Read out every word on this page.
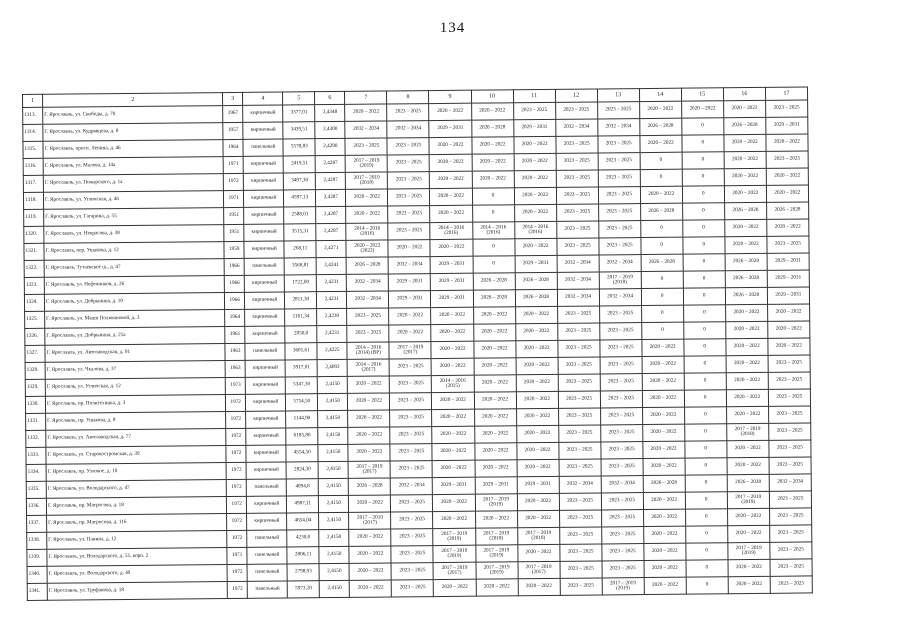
134
1	2	3	4	5	6	7	8	9	10	11	12	13	14	15	16	17
1313.	Г. Ярославль, ул. Свободы, д. 70	1967	кирпичный	3377,01	2,4348	2020 – 2022	2023 – 2025	2020 – 2022	2020 – 2022	2023 – 2025	2023 – 2025	2023 – 2025	2020 – 2022	2020 – 2022	2020 – 2022	2023 – 2025
1314.	Г. Ярославль, ул. Кудрявцева, д. 8	1957	кирпичный	3439,51	2,4300	2032 – 2034	2032 – 2034	2029 – 2031	2026 – 2028	2029 – 2031	2032 – 2034	2032 – 2034	2026 – 2028	0	2026 – 2028	2029 – 2031
1315.	Г. Ярославль, просп. Ленина, д. 46	1964	панельный	5578,83	2,4290	2023 – 2025	2023 – 2025	2020 – 2022	2020 – 2022	2020 – 2022	2023 – 2025	2023 – 2025	2020 – 2022	0	2020 – 2022	2020 – 2022
1316.	Г. Ярославль, ул. Малова, д. 14а	1971	кирпичный	2419,51	2,4287	2017 – 2019 (2019)	2023 – 2025	2020 – 2022	2020 – 2022	2020 – 2022	2023 – 2025	2023 – 2025	0	0	2020 – 2022	2023 – 2025
1317.	Г. Ярославль, ул. Пожарского, д. 1а	1972	кирпичный	3497,30	2,4287	2017 – 2019 (2018)	2023 – 2025	2020 – 2022	2020 – 2022	2020 – 2022	2023 – 2025	2023 – 2025	0	0	2020 – 2022	2020 – 2022
1318.	Г. Ярославль, ул. Угличская, д. 46	1971	кирпичный	4597,13	2,4287	2020 – 2022	2023 – 2025	2020 – 2022	0	2020 – 2022	2023 – 2025	2023 – 2025	2020 – 2022	0	2020 – 2022	2020 – 2022
1319.	Г. Ярославль, ул. Гагарина, д. 55	1951	кирпичный	2588,01	2,4287	2020 – 2022	2023 – 2025	2020 – 2022	0	2020 – 2022	2023 – 2025	2023 – 2025	2026 – 2028	0	2026 – 2028	2026 – 2028
1320.	Г. Ярославль, ул. Некрасова, д. 38	1951	кирпичный	3515,31	2,4287	2014 – 2016 (2016)	2023 – 2025	2014 – 2016 (2016)	2014 – 2016 (2016)	2014 – 2016 (2016)	2023 – 2025	2023 – 2025	0	0	2020 – 2022	2020 – 2022
1321.	Г. Ярославль, пер. Ушакова, д. 12	1959	кирпичный	268,11	2,4271	2020 – 2022 (2022)	2020 – 2022	2020 – 2022	0	2020 – 2022	2023 – 2025	2023 – 2025	0	0	2020 – 2022	2023 – 2025
1322.	Г. Ярославль, Тутаевское ш., д. 47	1966	панельный	3568,81	2,4241	2026 – 2028	2032 – 2034	2029 – 2031	0	2029 – 2031	2032 – 2034	2032 – 2034	2026 – 2028	0	2026 – 2028	2029 – 2031
1323.	Г. Ярославль, ул. Нефтяников, д. 26	1966	кирпичный	1722,00	2,4231	2032 – 2034	2029 – 2031	2029 – 2031	2026 – 2028	2026 – 2028	2032 – 2034	2017 – 2019 (2018)	0	0	2026 – 2028	2029 – 2031
1324.	Г. Ярославль, ул. Добрынина, д. 10	1966	кирпичный	2811,30	2,4231	2032 – 2034	2029 – 2031	2029 – 2031	2026 – 2028	2026 – 2028	2032 – 2034	2032 – 2034	0	0	2026 – 2028	2029 – 2031
1325.	Г. Ярославль, ул. Маши Поливановой, д. 3	1964	кирпичный	1161,34	2,4230	2023 – 2025	2020 – 2022	2020 – 2022	2020 – 2022	2020 – 2022	2023 – 2025	2023 – 2025	0	0	2020 – 2022	2020 – 2022
1326.	Г. Ярославль, ул. Добрынина, д. 25а	1961	кирпичный	2050,0	2,4231	2023 – 2025	2020 – 2022	2020 – 2022	2020 – 2022	2020 – 2022	2023 – 2025	2023 – 2025	0	0	2020 – 2022	2020 – 2022
1327.	Г. Ярославль, ул. Автозаводская, д. 91	1963	панельный	3601,61	2,4225	2014 – 2016 (2014) (ВР)	2017 – 2019 (2017)	2020 – 2022	2020 – 2022	2020 – 2022	2023 – 2025	2023 – 2025	2020 – 2022	0	2020 – 2022	2020 – 2022
1328.	Г. Ярославль, ул. Чкалова, д. 37	1963	кирпичный	3917,01	2,4092	2014 – 2016 (2017)	2023 – 2025	2020 – 2022	2020 – 2022	2020 – 2022	2023 – 2025	2023 – 2025	2020 – 2022	0	2020 – 2022	2023 – 2025
1329.	Г. Ярославль, ул. Угличская, д. 12	1973	кирпичный	5347,30	2,4150	2020 – 2022	2023 – 2025	2014 – 2016 (2015)	2020 – 2022	2020 – 2022	2023 – 2025	2023 – 2025	2020 – 2022	0	2020 – 2022	2023 – 2025
1330.	Г. Ярославль, пр. Политехника, д. 3	1972	кирпичный	5754,50	2,4150	2020 – 2022	2023 – 2025	2020 – 2022	2020 – 2022	2020 – 2022	2023 – 2025	2023 – 2025	2020 – 2022	0	2020 – 2022	2023 – 2025
1331.	Г. Ярославль, пр. Ушакова, д. 8	1972	кирпичный	1144,90	2,4150	2020 – 2022	2023 – 2025	2020 – 2022	2020 – 2022	2020 – 2022	2023 – 2025	2023 – 2025	2020 – 2022	0	2020 – 2022	2023 – 2025
1332.	Г. Ярославль, ул. Автозаводская, д. 77	1972	кирпичный	6185,80	2,4150	2020 – 2022	2023 – 2025	2020 – 2022	2020 – 2022	2020 – 2022	2023 – 2025	2023 – 2025	2020 – 2022	0	2017 – 2019 (2018)	2023 – 2025
1333.	Г. Ярославль, ул. Старокостромская, д. 39	1972	кирпичный	4554,50	2,4150	2020 – 2022	2023 – 2025	2020 – 2022	2020 – 2022	2020 – 2022	2023 – 2025	2023 – 2025	2020 – 2022	0	2020 – 2022	2023 – 2025
1334.	Г. Ярославль, пр. Узловое, д. 10	1972	кирпичный	2824,30	2,4150	2017 – 2019 (2017)	2023 – 2025	2020 – 2022	2020 – 2022	2020 – 2022	2023 – 2025	2023 – 2025	2020 – 2022	0	2020 – 2022	2023 – 2025
1335.	Г. Ярославль, ул. Володарского, д. 47	1972	панельный	4094,8	2,4150	2026 – 2028	2032 – 2034	2029 – 2031	2029 – 2031	2029 – 2031	2032 – 2034	2032 – 2034	2026 – 2028	0	2026 – 2028	2032 – 2034
1336.	Г. Ярославль, пр. Матросова, д. 18	1972	кирпичный	4987,11	2,4150	2020 – 2022	2023 – 2025	2020 – 2022	2017 – 2019 (2019)	2020 – 2022	2023 – 2025	2023 – 2025	2020 – 2022	0	2017 – 2019 (2019)	2023 – 2025
1337.	Г. Ярославль, пр. Матросова, д. 116	1972	кирпичный	4654,04	2,4150	2017 – 2019 (2017)	2023 – 2025	2020 – 2022	2020 – 2022	2020 – 2022	2023 – 2025	2023 – 2025	2020 – 2022	0	2020 – 2022	2023 – 2025
1338.	Г. Ярославль, ул. Панина, д. 12	1972	панельный	4230,0	2,4150	2020 – 2022	2023 – 2025	2017 – 2019 (2019)	2017 – 2019 (2018)	2017 – 2019 (2018)	2023 – 2025	2023 – 2025	2020 – 2022	0	2020 – 2022	2023 – 2025
1339.	Г. Ярославль, ул. Володарского, д. 51, корп. 2	1971	панельный	2806,11	2,4150	2020 – 2022	2023 – 2025	2017 – 2019 (2019)	2017 – 2019 (2019)	2020 – 2022	2023 – 2025	2023 – 2025	2020 – 2022	0	2017 – 2019 (2019)	2023 – 2025
1340.	Г. Ярославль, ул. Володарского, д. 49	1972	панельный	2798,93	2,4150	2020 – 2022	2023 – 2025	2017 – 2019 (2017)	2017 – 2019 (2019)	2017 – 2019 (2017)	2023 – 2025	2023 – 2025	2020 – 2022	0	2020 – 2022	2023 – 2025
1341.	Г. Ярославль, ул. Труфанова, д. 18	1972	панельный	5973,20	2,4150	2020 – 2022	2023 – 2025	2020 – 2022	2020 – 2022	2020 – 2022	2023 – 2025	2017 – 2019 (2019)	2020 – 2022	0	2020 – 2022	2023 – 2025
